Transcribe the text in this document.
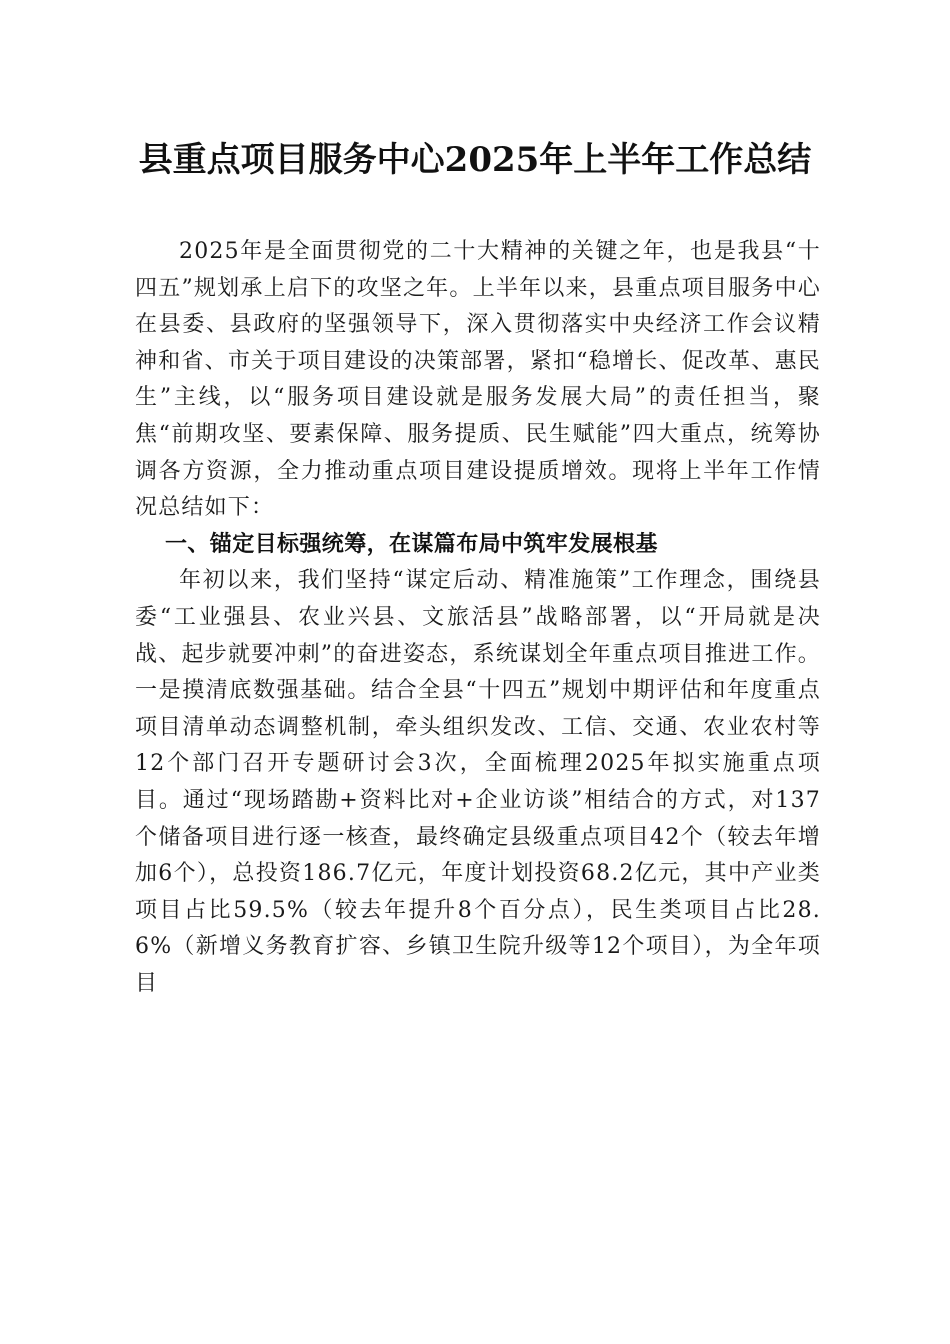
县重点项目服务中心2025年上半年工作总结

2025年是全面贯彻党的二十大精神的关键之年，也是我县“十四五”规划承上启下的攻坚之年。上半年以来，县重点项目服务中心在县委、县政府的坚强领导下，深入贯彻落实中央经济工作会议精神和省、市关于项目建设的决策部署，紧扣“稳增长、促改革、惠民生”主线，以“服务项目建设就是服务发展大局”的责任担当，聚焦“前期攻坚、要素保障、服务提质、民生赋能”四大重点，统筹协调各方资源，全力推动重点项目建设提质增效。现将上半年工作情况总结如下：

一、锚定目标强统筹，在谋篇布局中筑牢发展根基

年初以来，我们坚持“谋定后动、精准施策”工作理念，围绕县委“工业强县、农业兴县、文旅活县”战略部署，以“开局就是决战、起步就要冲刺”的奋进姿态，系统谋划全年重点项目推进工作。一是摸清底数强基础。结合全县“十四五”规划中期评估和年度重点项目清单动态调整机制，牵头组织发改、工信、交通、农业农村等12个部门召开专题研讨会3次，全面梳理2025年拟实施重点项目。通过“现场踏勘+资料比对+企业访谈”相结合的方式，对137个储备项目进行逐一核查，最终确定县级重点项目42个（较去年增加6个），总投资186.7亿元，年度计划投资68.2亿元，其中产业类项目占比59.5%（较去年提升8个百分点），民生类项目占比28.6%（新增义务教育扩容、乡镇卫生院升级等12个项目），为全年项目
